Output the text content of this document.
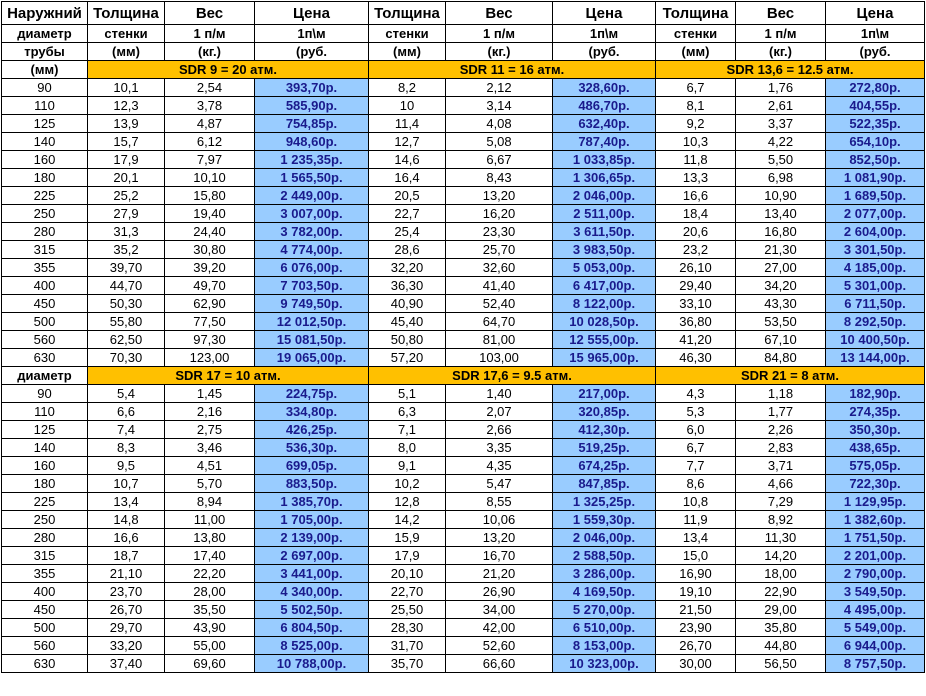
Наружний	Толщина	Вес	Цена	Толщина	Вес	Цена	Толщина	Вес	Цена
диаметр	стенки	1 п/м	1п\м	стенки	1 п/м	1п\м	стенки	1 п/м	1п\м
трубы	(мм)	(кг.)	(руб.	(мм)	(кг.)	(руб.	(мм)	(кг.)	(руб.
(мм)	SDR 9 = 20 атм.			SDR 11 = 16 атм.			SDR 13,6 = 12.5 атм.		
90	10,1	2,54	393,70р.	8,2	2,12	328,60р.	6,7	1,76	272,80р.
110	12,3	3,78	585,90р.	10	3,14	486,70р.	8,1	2,61	404,55р.
125	13,9	4,87	754,85р.	11,4	4,08	632,40р.	9,2	3,37	522,35р.
140	15,7	6,12	948,60р.	12,7	5,08	787,40р.	10,3	4,22	654,10р.
160	17,9	7,97	1 235,35р.	14,6	6,67	1 033,85р.	11,8	5,50	852,50р.
180	20,1	10,10	1 565,50р.	16,4	8,43	1 306,65р.	13,3	6,98	1 081,90р.
225	25,2	15,80	2 449,00р.	20,5	13,20	2 046,00р.	16,6	10,90	1 689,50р.
250	27,9	19,40	3 007,00р.	22,7	16,20	2 511,00р.	18,4	13,40	2 077,00р.
280	31,3	24,40	3 782,00р.	25,4	23,30	3 611,50р.	20,6	16,80	2 604,00р.
315	35,2	30,80	4 774,00р.	28,6	25,70	3 983,50р.	23,2	21,30	3 301,50р.
355	39,70	39,20	6 076,00р.	32,20	32,60	5 053,00р.	26,10	27,00	4 185,00р.
400	44,70	49,70	7 703,50р.	36,30	41,40	6 417,00р.	29,40	34,20	5 301,00р.
450	50,30	62,90	9 749,50р.	40,90	52,40	8 122,00р.	33,10	43,30	6 711,50р.
500	55,80	77,50	12 012,50р.	45,40	64,70	10 028,50р.	36,80	53,50	8 292,50р.
560	62,50	97,30	15 081,50р.	50,80	81,00	12 555,00р.	41,20	67,10	10 400,50р.
630	70,30	123,00	19 065,00р.	57,20	103,00	15 965,00р.	46,30	84,80	13 144,00р.
диаметр	SDR 17 = 10 атм.			SDR 17,6 = 9.5 атм.			SDR 21 = 8 атм.		
90	5,4	1,45	224,75р.	5,1	1,40	217,00р.	4,3	1,18	182,90р.
110	6,6	2,16	334,80р.	6,3	2,07	320,85р.	5,3	1,77	274,35р.
125	7,4	2,75	426,25р.	7,1	2,66	412,30р.	6,0	2,26	350,30р.
140	8,3	3,46	536,30р.	8,0	3,35	519,25р.	6,7	2,83	438,65р.
160	9,5	4,51	699,05р.	9,1	4,35	674,25р.	7,7	3,71	575,05р.
180	10,7	5,70	883,50р.	10,2	5,47	847,85р.	8,6	4,66	722,30р.
225	13,4	8,94	1 385,70р.	12,8	8,55	1 325,25р.	10,8	7,29	1 129,95р.
250	14,8	11,00	1 705,00р.	14,2	10,06	1 559,30р.	11,9	8,92	1 382,60р.
280	16,6	13,80	2 139,00р.	15,9	13,20	2 046,00р.	13,4	11,30	1 751,50р.
315	18,7	17,40	2 697,00р.	17,9	16,70	2 588,50р.	15,0	14,20	2 201,00р.
355	21,10	22,20	3 441,00р.	20,10	21,20	3 286,00р.	16,90	18,00	2 790,00р.
400	23,70	28,00	4 340,00р.	22,70	26,90	4 169,50р.	19,10	22,90	3 549,50р.
450	26,70	35,50	5 502,50р.	25,50	34,00	5 270,00р.	21,50	29,00	4 495,00р.
500	29,70	43,90	6 804,50р.	28,30	42,00	6 510,00р.	23,90	35,80	5 549,00р.
560	33,20	55,00	8 525,00р.	31,70	52,60	8 153,00р.	26,70	44,80	6 944,00р.
630	37,40	69,60	10 788,00р.	35,70	66,60	10 323,00р.	30,00	56,50	8 757,50р.
